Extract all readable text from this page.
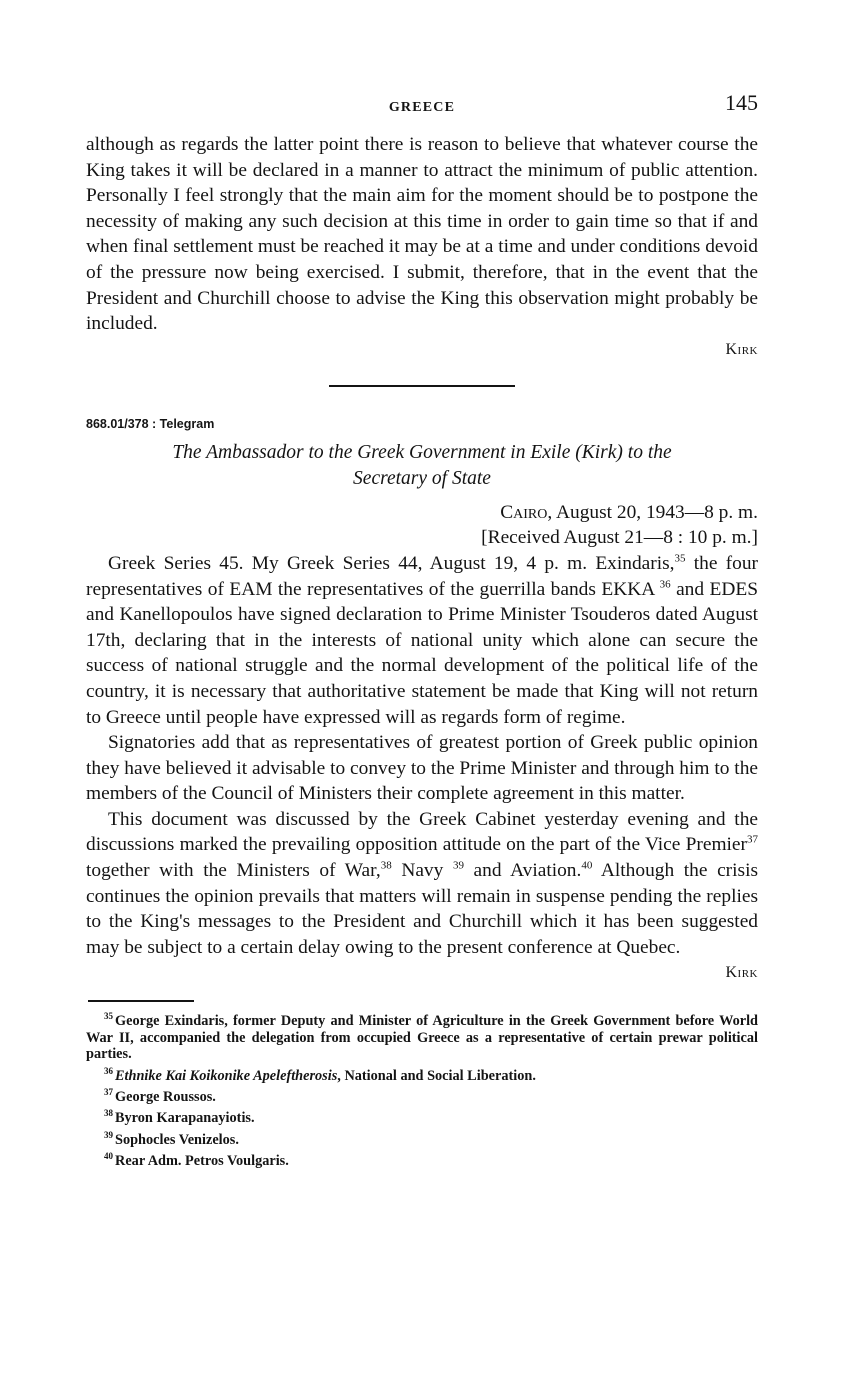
GREECE	145

although as regards the latter point there is reason to believe that whatever course the King takes it will be declared in a manner to attract the minimum of public attention. Personally I feel strongly that the main aim for the moment should be to postpone the necessity of making any such decision at this time in order to gain time so that if and when final settlement must be reached it may be at a time and under conditions devoid of the pressure now being exercised. I submit, therefore, that in the event that the President and Churchill choose to advise the King this observation might probably be included.

Kirk
868.01/378 : Telegram
The Ambassador to the Greek Government in Exile (Kirk) to the
Secretary of State
Cairo, August 20, 1943—8 p. m.
[Received August 21—8 : 10 p. m.]

Greek Series 45. My Greek Series 44, August 19, 4 p. m. Exindaris,$^{35}$ the four representatives of EAM the representatives of the guerrilla bands EKKA $^{36}$ and EDES and Kanellopoulos have signed declaration to Prime Minister Tsouderos dated August 17th, declaring that in the interests of national unity which alone can secure the success of national struggle and the normal development of the political life of the country, it is necessary that authoritative statement be made that King will not return to Greece until people have expressed will as regards form of regime.

Signatories add that as representatives of greatest portion of Greek public opinion they have believed it advisable to convey to the Prime Minister and through him to the members of the Council of Ministers their complete agreement in this matter.

This document was discussed by the Greek Cabinet yesterday evening and the discussions marked the prevailing opposition attitude on the part of the Vice Premier$^{37}$ together with the Ministers of War,$^{38}$ Navy $^{39}$ and Aviation.$^{40}$ Although the crisis continues the opinion prevails that matters will remain in suspense pending the replies to the King's messages to the President and Churchill which it has been suggested may be subject to a certain delay owing to the present conference at Quebec.

Kirk
$^{35}$ George Exindaris, former Deputy and Minister of Agriculture in the Greek Government before World War II, accompanied the delegation from occupied Greece as a representative of certain prewar political parties.
$^{36}$ Ethnike Kai Koikonike Apeleftherosis, National and Social Liberation.
$^{37}$ George Roussos.
$^{38}$ Byron Karapanayiotis.
$^{39}$ Sophocles Venizelos.
$^{40}$ Rear Adm. Petros Voulgaris.
